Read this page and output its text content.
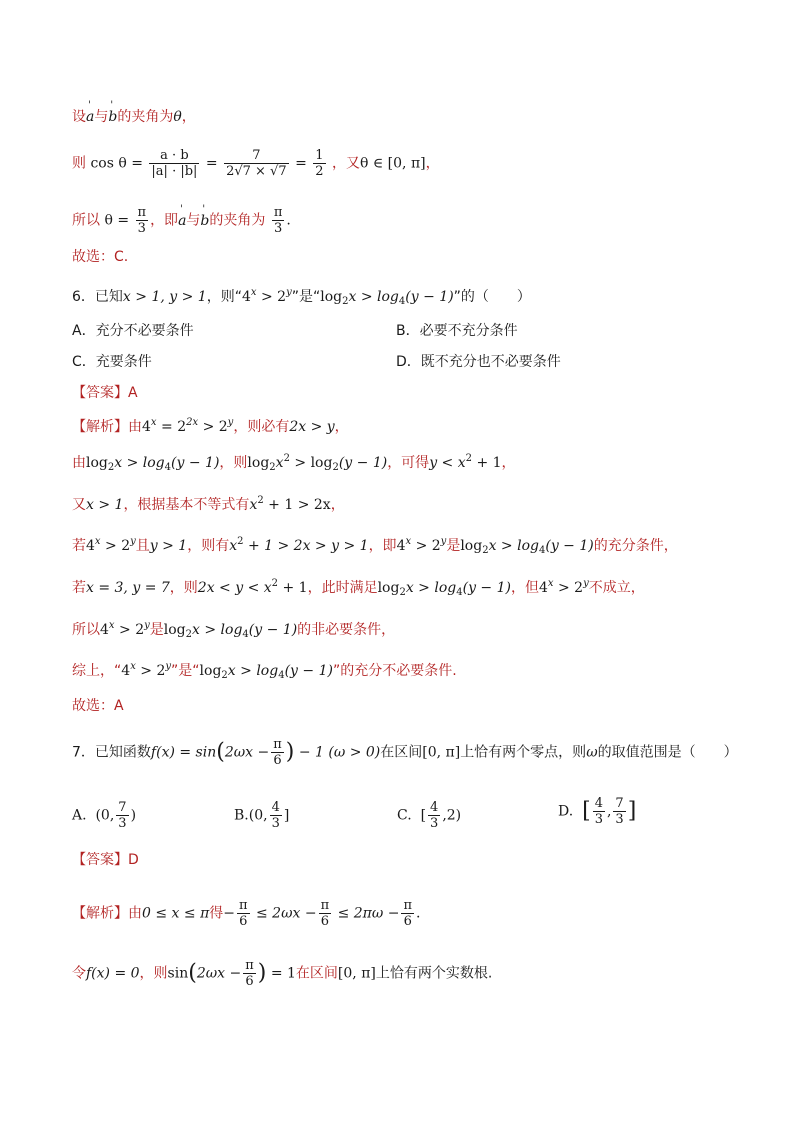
设' a与' b的夹角为θ，
则 $\cos \theta = \frac{a \cdot b}{|a| \cdot |b|} = \frac{7}{2√7 \times √7} = \frac{1}{2}$ ，又θ ∈ [0, π]，
所以 $\theta = \frac{\pi}{3}$ ，即' a与' b的夹角为 $\frac{\pi}{3}$ .
故选：C.
6．已知x > 1, y > 1，则“$4^x > 2^y$”是“$\log_2x > \log_4(y - 1)$”的（　　）
A．充分不必要条件	B．必要不充分条件
C．充要条件	D．既不充分也不必要条件
【答案】A
【解析】由$4^x = 2^{2x} > 2^y$，则必有2x > y，
由$\log_2x > \log_4(y - 1)$，则$\log_2x^2 > \log_2(y - 1)$，可得$y < x^2 + 1$，
又x > 1，根据基本不等式有$x^2 + 1 > 2x$，
若$4^x > 2^y$且y > 1，则有$x^2 + 1 > 2x > y > 1$，即$4^x > 2^y$是$\log_2x > \log_4(y - 1)$的充分条件，
若x = 3, y = 7，则$2x < y < x^2 + 1$，此时满足$\log_2x > \log_4(y - 1)$，但$4^x > 2^y$不成立，
所以$4^x > 2^y$是$\log_2x > \log_4(y - 1)$的非必要条件，
综上，“$4^x > 2^y$”是“$\log_2x > \log_4(y - 1)$”的充分不必要条件.
故选：A
7．已知函数$f(x) = \sin(2\omega x - \frac{\pi}{6}$ ) − 1 (ω > 0)在区间[0, π]上恰有两个零点，则ω的取值范围是（　　）
A. (0, $\frac{7}{3}$ )	B.(0, $\frac{4}{3}$ ]	C. [ $\frac{4}{3} ,2$)	D. [ $\frac{4}{3}$ , $\frac{7}{3}$ ]
【答案】D
【解析】由0 ≤ x ≤ π得− $\frac{\pi}{6} \le 2\omega x - \frac{\pi}{6} \le 2\pi\omega - \frac{\pi}{6}$ .
令f(x) = 0，则$\sin(2\omega x - \frac{\pi}{6}$ ) = 1在区间[0, π]上恰有两个实数根.
